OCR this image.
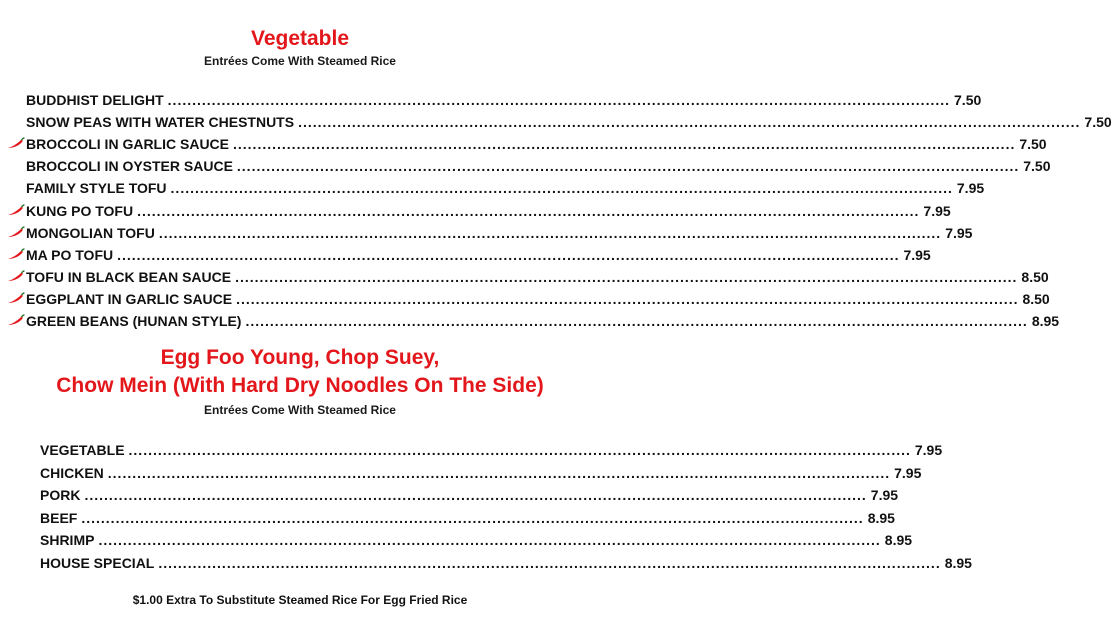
Vegetable
Entrées Come With Steamed Rice
BUDDHIST DELIGHT ................................................................................................................................................................ 7.50
SNOW PEAS WITH WATER CHESTNUTS ................................................................................................................................................................ 7.50
BROCCOLI IN GARLIC SAUCE ................................................................................................................................................................ 7.50
BROCCOLI IN OYSTER SAUCE ................................................................................................................................................................ 7.50
FAMILY STYLE TOFU ................................................................................................................................................................ 7.95
KUNG PO TOFU ................................................................................................................................................................ 7.95
MONGOLIAN TOFU ................................................................................................................................................................ 7.95
MA PO TOFU ................................................................................................................................................................ 7.95
TOFU IN BLACK BEAN SAUCE ................................................................................................................................................................ 8.50
EGGPLANT IN GARLIC SAUCE ................................................................................................................................................................ 8.50
GREEN BEANS (HUNAN STYLE) ................................................................................................................................................................ 8.95
Egg Foo Young, Chop Suey,
Chow Mein (With Hard Dry Noodles On The Side)
Entrées Come With Steamed Rice
VEGETABLE ................................................................................................................................................................ 7.95
CHICKEN ................................................................................................................................................................ 7.95
PORK ................................................................................................................................................................ 7.95
BEEF ................................................................................................................................................................ 8.95
SHRIMP ................................................................................................................................................................ 8.95
HOUSE SPECIAL ................................................................................................................................................................ 8.95
$1.00 Extra To Substitute Steamed Rice For Egg Fried Rice
